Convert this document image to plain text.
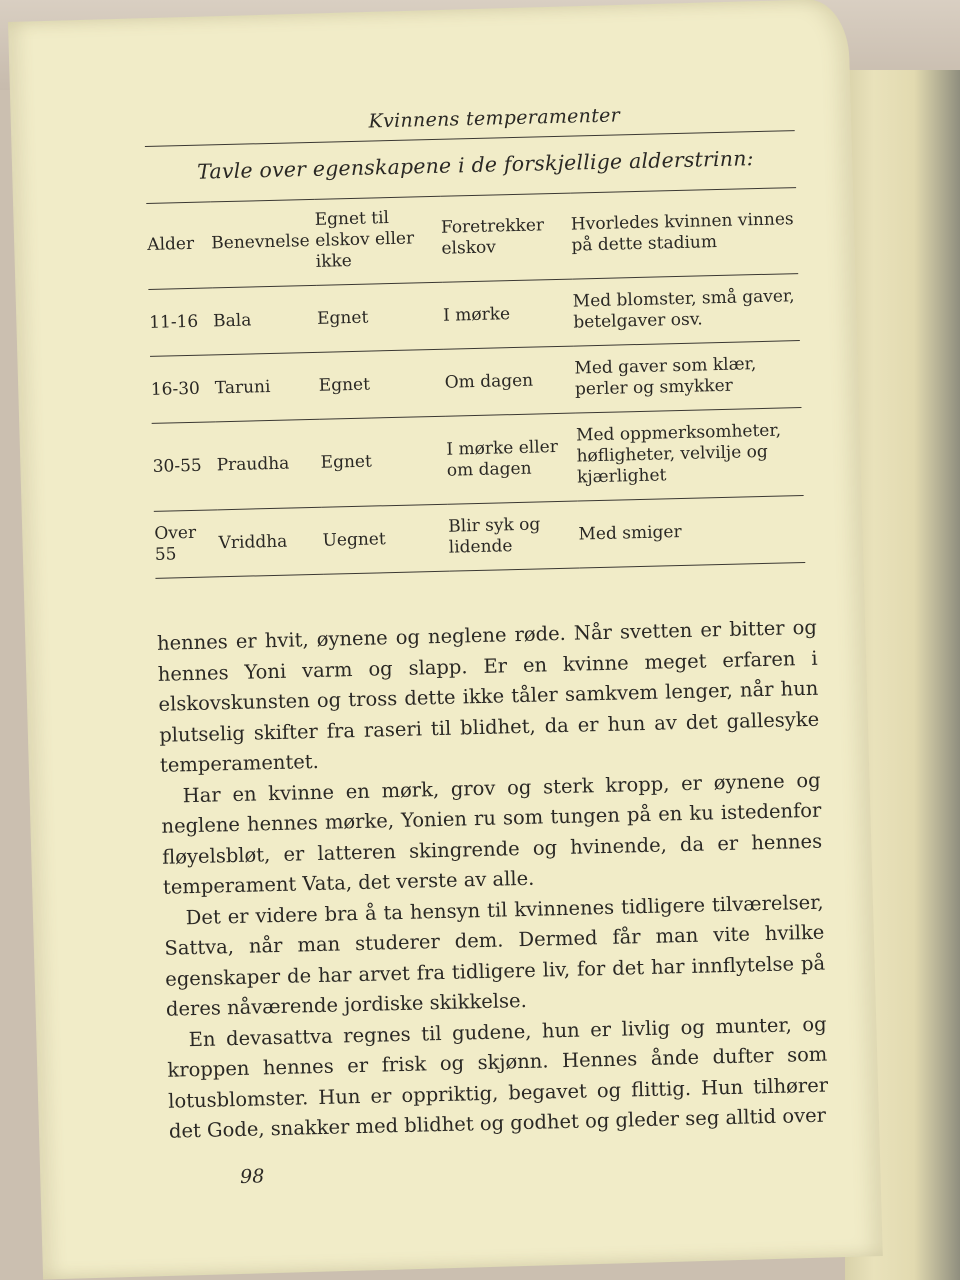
Kvinnens temperamenter
Tavle over egenskapene i de forskjellige alderstrinn:
Alder	Benevnelse	Egnet til elskov eller ikke	Foretrekker elskov	Hvorledes kvinnen vinnes på dette stadium
11-16	Bala	Egnet	I mørke	Med blomster, små gaver, betelgaver osv.
16-30	Taruni	Egnet	Om dagen	Med gaver som klær, perler og smykker
30-55	Praudha	Egnet	I mørke eller om dagen	Med oppmerksomheter, høfligheter, velvilje og kjærlighet
Over 55	Vriddha	Uegnet	Blir syk og lidende	Med smiger

hennes er hvit, øynene og neglene røde. Når svetten er bitter og hennes Yoni varm og slapp. Er en kvinne meget erfaren i elskovskunsten og tross dette ikke tåler samkvem lenger, når hun plutselig skifter fra raseri til blidhet, da er hun av det gallesyke temperamentet.

Har en kvinne en mørk, grov og sterk kropp, er øynene og neglene hennes mørke, Yonien ru som tungen på en ku istedenfor fløyelsbløt, er latteren skingrende og hvinende, da er hennes temperament Vata, det verste av alle.

Det er videre bra å ta hensyn til kvinnenes tidligere tilværelser, Sattva, når man studerer dem. Dermed får man vite hvilke egenskaper de har arvet fra tidligere liv, for det har innflytelse på deres nåværende jordiske skikkelse.

En devasattva regnes til gudene, hun er livlig og munter, og kroppen hennes er frisk og skjønn. Hennes ånde dufter som lotusblomster. Hun er oppriktig, begavet og flittig. Hun tilhører det Gode, snakker med blidhet og godhet og gleder seg alltid over

98
